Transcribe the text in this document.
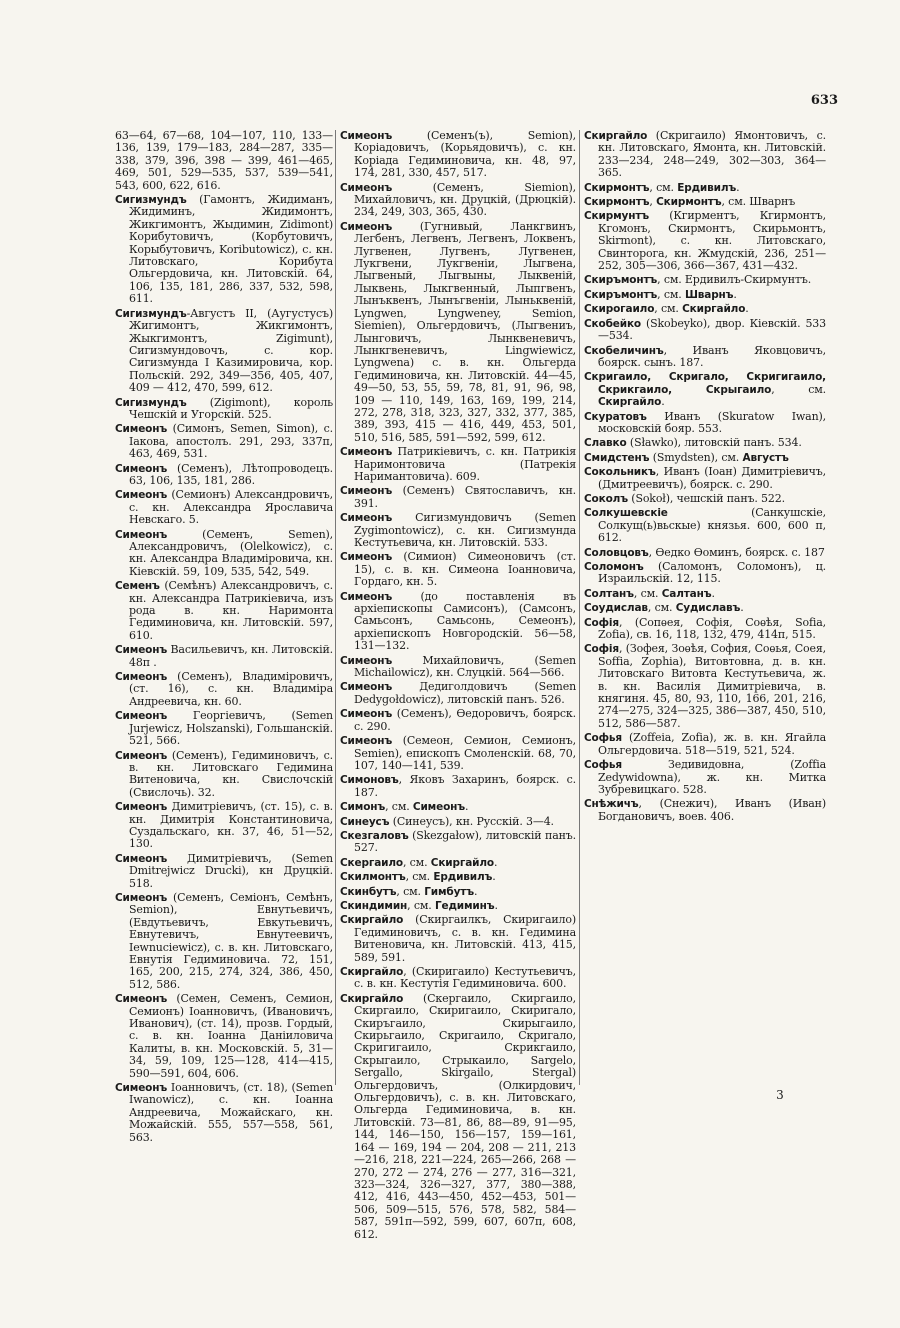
633

63—64, 67—68, 104—107, 110, 133—136, 139, 179—183, 284—287, 335—338, 379, 396, 398 — 399, 461—465, 469, 501, 529—535, 537, 539—541, 543, 600, 622, 616.

Сигизмундъ (Гамонтъ, Жидиманъ, Жидиминъ, Жидимонтъ, Жикгимонтъ, Жыдимин, Zidimont) Корибутовичъ, (Корбутовичъ, Корыбутовичъ, Koributowicz), с. кн. Литовскаго, Корибута Ольгердовича, кн. Литовскій. 64, 106, 135, 181, 286, 337, 532, 598, 611.

Сигизмундъ-Августъ II, (Аугустусъ) Жигимонтъ, Жикгимонтъ, Жыкгимонтъ, Zigimunt), Сигизмундовочъ, с. кор. Сигизмунда I Казимировича, кор. Польскій. 292, 349—356, 405, 407, 409 — 412, 470, 599, 612.

Сигизмундъ (Zigimont), король Чешскій и Угорскій. 525.

Симеонъ (Симонъ, Semen, Simon), с. Іакова, апостолъ. 291, 293, 337п, 463, 469, 531.

Симеонъ (Семенъ), Лѣтопроводецъ. 63, 106, 135, 181, 286.

Симеонъ (Семионъ) Александровичъ, с. кн. Александра Ярославича Невскаго. 5.

Симеонъ (Семенъ, Semen), Александровичъ, (Olelkowicz), с. кн. Александра Владиміровича, кн. Кіевскій. 59, 109, 535, 542, 549.

Семенъ (Семѣнъ) Александровичъ, с. кн. Александра Патрикіевича, изъ рода в. кн. Наримонта Гедиминовича, кн. Литовскій. 597, 610.

Симеонъ Васильевичъ, кн. Литовскій. 48п .

Симеонъ (Семенъ), Владиміровичъ, (ст. 16), с. кн. Владиміра Андреевича, кн. 60.

Симеонъ Георгіевичъ, (Semen Jurjewicz, Holszanski), Гольшанскій. 521, 566.

Симеонъ (Семенъ), Гедиминовичъ, с. в. кн. Литовскаго Гедимина Витеновича, кн. Свислочскій (Свислочь). 32.

Симеонъ Димитріевичъ, (ст. 15), с. в. кн. Димитрія Константиновича, Суздальскаго, кн. 37, 46, 51—52, 130.

Симеонъ Димитріевичъ, (Semen Dmitrejwicz Drucki), кн Друцкій. 518.

Симеонъ (Семенъ, Семіонъ, Семѣнъ, Semion), Евнутьевичъ, (Евдутьевичъ, Евкутьевичъ, Евнутевичъ, Евнутеевичъ, Iewnuciewicz), с. в. кн. Литовскаго, Евнутія Гедиминовича. 72, 151, 165, 200, 215, 274, 324, 386, 450, 512, 586.

Симеонъ (Семен, Семенъ, Семион, Семионъ) Іоанновичъ, (Ивановичъ, Иванович), (ст. 14), прозв. Гордый, с. в. кн. Іоанна Даніиловича Калиты, в. кн. Московскій. 5, 31—34, 59, 109, 125—128, 414—415, 590—591, 604, 606.

Симеонъ Іоанновичъ, (ст. 18), (Semen Iwanowicz), с. кн. Іоанна Андреевича, Можайскаго, кн. Можайскій. 555, 557—558, 561, 563.

Симеонъ (Семенъ(ъ), Semion), Корiадовичъ, (Корьядовичъ), с. кн. Коріада Гедиминовича, кн. 48, 97, 174, 281, 330, 457, 517.

Симеонъ (Семенъ, Siemion), Михайловичъ, кн. Друцкій, (Дрюцкій). 234, 249, 303, 365, 430.

Симеонъ (Гугнивый, Ланкгвинъ, Легбенъ, Легвенъ, Легвенъ, Локвенъ, Лугвенен, Лугвенъ, Лугвенен, Лукгвени, Лукгвеніи, Лыгвена, Лыгвеный, Лыгвыны, Лыквеній, Лыквень, Лыкгвенный, Лыпгвенъ, Лынъквенъ, Лынъгвеніи, Лыньквеній, Lyngwen, Lyngweney, Semion, Siemien), Ольгердовичъ, (Лыгвениъ, Лынговичъ, Лынквеневичъ, Лынкгвеневичъ, Lingwiewicz, Lyngwena) с. в. кн. Ольгерда Гедиминовича, кн. Литовскій. 44—45, 49—50, 53, 55, 59, 78, 81, 91, 96, 98, 109 — 110, 149, 163, 169, 199, 214, 272, 278, 318, 323, 327, 332, 377, 385, 389, 393, 415 — 416, 449, 453, 501, 510, 516, 585, 591—592, 599, 612.

Симеонъ Патрикіевичъ, с. кн. Патрикія Наримонтовича (Патрекія Наримантовича). 609.

Симеонъ (Семенъ) Святославичъ, кн. 391.

Симеонъ Сигизмундовичъ (Semen Zygimontowicz), с. кн. Сигизмунда Кестутьевича, кн. Литовскій. 533.

Симеонъ (Симион) Симеоновичъ (ст. 15), с. в. кн. Симеона Іоанновича, Гордаго, кн. 5.

Симеонъ (до поставленія въ архіепископы Самисонъ), (Самсонъ, Самьсонъ, Самьсонь, Семеонъ), архіепископъ Новгородскій. 56—58, 131—132.

Симеонъ Михайловичъ, (Semen Michailowicz), кн. Слуцкій. 564—566.

Симеонъ Дедиголдовичъ (Semen Dedygołdowicz), литовскій панъ. 526.

Симеонъ (Семенъ), Ѳедоровичъ, боярск. с. 290.

Симеонъ (Семеон, Семион, Семионъ, Semien), епископъ Смоленскій. 68, 70, 107, 140—141, 539.

Симоновъ, Яковъ Захаринъ, боярск. с. 187.

Симонъ, см. Симеонъ.

Синеусъ (Синеусъ), кн. Русскій. 3—4.

Скезгаловъ (Skezgałow), литовскій панъ. 527.

Скергаило, см. Скиргайло.

Скилмонтъ, см. Ердивилъ.

Скинбутъ, см. Гимбутъ.

Скиндимин, см. Гедиминъ.

Скиргайло (Скиргаилкъ, Скиригаило) Гедиминовичъ, с. в. кн. Гедимина Витеновича, кн. Литовскій. 413, 415, 589, 591.

Скиргайло, (Скиригаило) Кестутьевичъ, с. в. кн. Кестутія Гедиминовича. 600.

Скиргайло (Скергаило, Скиргаило, Скиргаило, Скиригаило, Скиригало, Скиръгаило, Скирыгаило, Скирьгаило, Скригаило, Скригало, Скригигаило, Скрикгаило, Скрыгаило, Стрыкаило, Sargelo, Sergallo, Skirgailo, Stergal) Ольгердовичъ, (Олкирдович, Ольгердовичъ), с. в. кн. Литовскаго, Ольгерда Гедиминовича, в. кн. Литовскій. 73—81, 86, 88—89, 91—95, 144, 146—150, 156—157, 159—161, 164 — 169, 194 — 204, 208 — 211, 213—216, 218, 221—224, 265—266, 268 — 270, 272 — 274, 276 — 277, 316—321, 323—324, 326—327, 377, 380—388, 412, 416, 443—450, 452—453, 501—506, 509—515, 576, 578, 582, 584—587, 591п—592, 599, 607, 607п, 608, 612.

Скиргайло (Скригаило) Ямонтовичъ, с. кн. Литовскаго, Ямонта, кн. Литовскій. 233—234, 248—249, 302—303, 364—365.

Скирмонтъ, см. Ердивилъ.

Скирмонтъ, Скирмонтъ, см. Шварнъ

Скирмунтъ (Кгирментъ, Кгирмонтъ, Кгомонъ, Скирмонтъ, Скирьмонтъ, Skirmont), с. кн. Литовскаго, Свинторога, кн. Жмудскій, 236, 251—252, 305—306, 366—367, 431—432.

Скиръмонтъ, см. Ердивилъ-Скирмунтъ.

Скиръмонтъ, см. Шварнъ.

Скирогаило, см. Скиргайло.

Скобейко (Skobeyko), двор. Кіевскій. 533—534.

Скобеличинъ, Иванъ Яковцовичъ, боярск. сынъ. 187.

Скригаило, Скригало, Скригигаило, Скрикгаило, Скрыгаило, см. Скиргайло.

Скуратовъ Иванъ (Skuratow Iwan), московскій бояр. 553.

Славко (Sławko), литовскій панъ. 534.

Смидстенъ (Smydsten), см. Августъ

Сокольникъ, Иванъ (Іоан) Димитріевичъ, (Дмитреевичъ), боярск. с. 290.

Соколъ (Sokoł), чешскій панъ. 522.

Солкушевскіе (Санкушскіе, Солкущ(ь)вьскые) князья. 600, 600 п, 612.

Соловцовъ, Ѳедко Ѳоминъ, боярск. с. 187

Соломонъ (Саломонъ, Соломонъ), ц. Израильскій. 12, 115.

Солтанъ, см. Салтанъ.

Соудислав, см. Судиславъ.

Софія, (Сопѳея, Софія, Соѳѣя, Sofia, Zofia), св. 16, 118, 132, 479, 414п, 515.

Софія, (Зофея, Зоѳѣя, София, Соѳья, Соея, Soffia, Zophia), Витовтовна, д. в. кн. Литовскаго Витовта Кестутьевича, ж. в. кн. Василія Димитріевича, в. княгиня. 45, 80, 93, 110, 166, 201, 216, 274—275, 324—325, 386—387, 450, 510, 512, 586—587.

Софья (Zoffeia, Zofia), ж. в. кн. Ягайла Ольгердовича. 518—519, 521, 524.

Софья Зедивидовна, (Zoffia Zedywidowna), ж. кн. Митка Зубревицкаго. 528.

Снѣжичъ, (Снежич), Иванъ (Иван) Богдановичъ, воев. 406.

3
